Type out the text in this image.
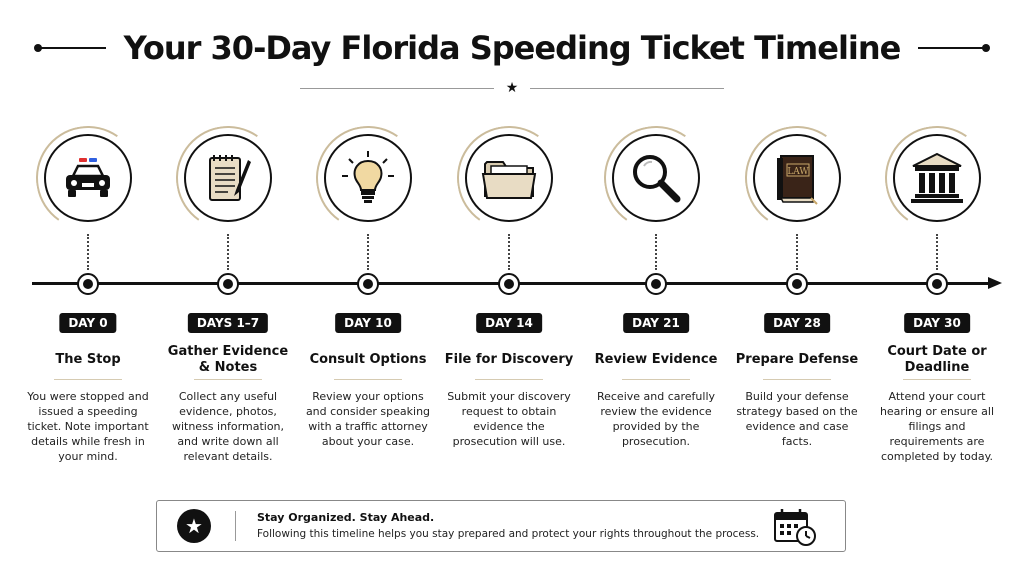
Your 30-Day Florida Speeding Ticket Timeline
★
DAY 0
The Stop
You were stopped and issued a speeding ticket. Note important details while fresh in your mind.
DAYS 1–7
Gather Evidence & Notes
Collect any useful evidence, photos, witness information, and write down all relevant details.
DAY 10
Consult Options
Review your options and consider speaking with a traffic attorney about your case.
DAY 14
File for Discovery
Submit your discovery request to obtain evidence the prosecution will use.
DAY 21
Review Evidence
Receive and carefully review the evidence provided by the prosecution.
LAW
DAY 28
Prepare Defense
Build your defense strategy based on the evidence and case facts.
DAY 30
Court Date or Deadline
Attend your court hearing or ensure all filings and requirements are completed by today.
★	Stay Organized. Stay Ahead.
Following this timeline helps you stay prepared and protect your rights throughout the process.
